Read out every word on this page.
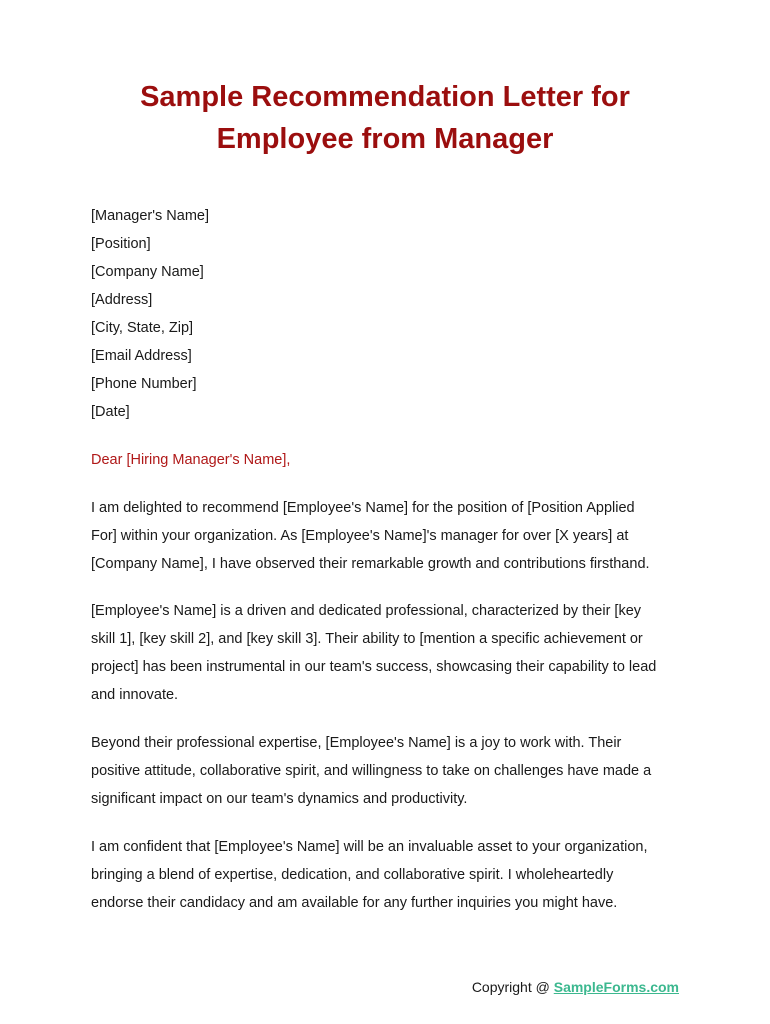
Sample Recommendation Letter for
Employee from Manager
[Manager's Name]
[Position]
[Company Name]
[Address]
[City, State, Zip]
[Email Address]
[Phone Number]
[Date]
Dear [Hiring Manager's Name],

I am delighted to recommend [Employee's Name] for the position of [Position Applied
For] within your organization. As [Employee's Name]'s manager for over [X years] at
[Company Name], I have observed their remarkable growth and contributions firsthand.

[Employee's Name] is a driven and dedicated professional, characterized by their [key
skill 1], [key skill 2], and [key skill 3]. Their ability to [mention a specific achievement or
project] has been instrumental in our team's success, showcasing their capability to lead
and innovate.

Beyond their professional expertise, [Employee's Name] is a joy to work with. Their
positive attitude, collaborative spirit, and willingness to take on challenges have made a
significant impact on our team's dynamics and productivity.

I am confident that [Employee's Name] will be an invaluable asset to your organization,
bringing a blend of expertise, dedication, and collaborative spirit. I wholeheartedly
endorse their candidacy and am available for any further inquiries you might have.

Copyright @ SampleForms.com
